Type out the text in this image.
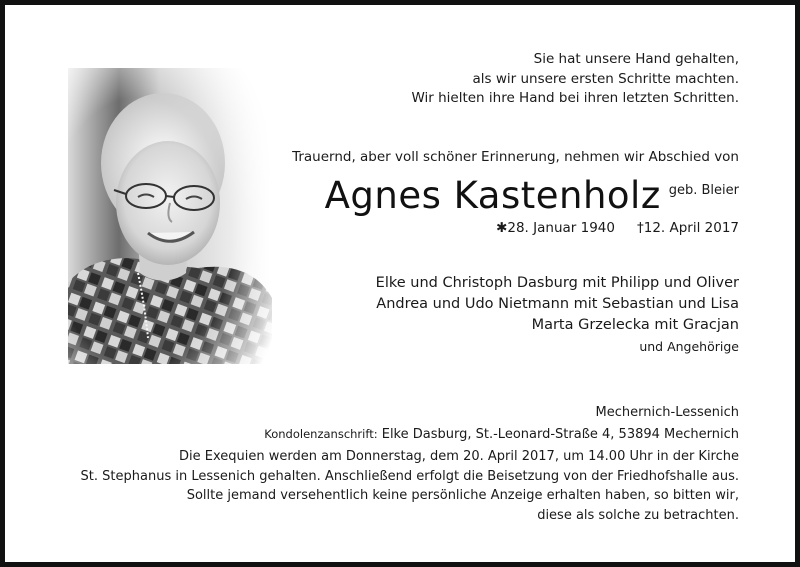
Sie hat unsere Hand gehalten,
als wir unsere ersten Schritte machten.
Wir hielten ihre Hand bei ihren letzten Schritten.
Trauernd, aber voll schöner Erinnerung, nehmen wir Abschied von
Agnes Kastenholz $^{geb. Bleier}$
✱28. Januar 1940 †12. April 2017
Elke und Christoph Dasburg mit Philipp und Oliver
Andrea und Udo Nietmann mit Sebastian und Lisa
Marta Grzelecka mit Gracjan
und Angehörige
Mechernich-Lessenich
Kondolenzanschrift: Elke Dasburg, St.-Leonard-Straße 4, 53894 Mechernich
Die Exequien werden am Donnerstag, dem 20. April 2017, um 14.00 Uhr in der Kirche
St. Stephanus in Lessenich gehalten. Anschließend erfolgt die Beisetzung von der Friedhofshalle aus.
Sollte jemand versehentlich keine persönliche Anzeige erhalten haben, so bitten wir,
diese als solche zu betrachten.
